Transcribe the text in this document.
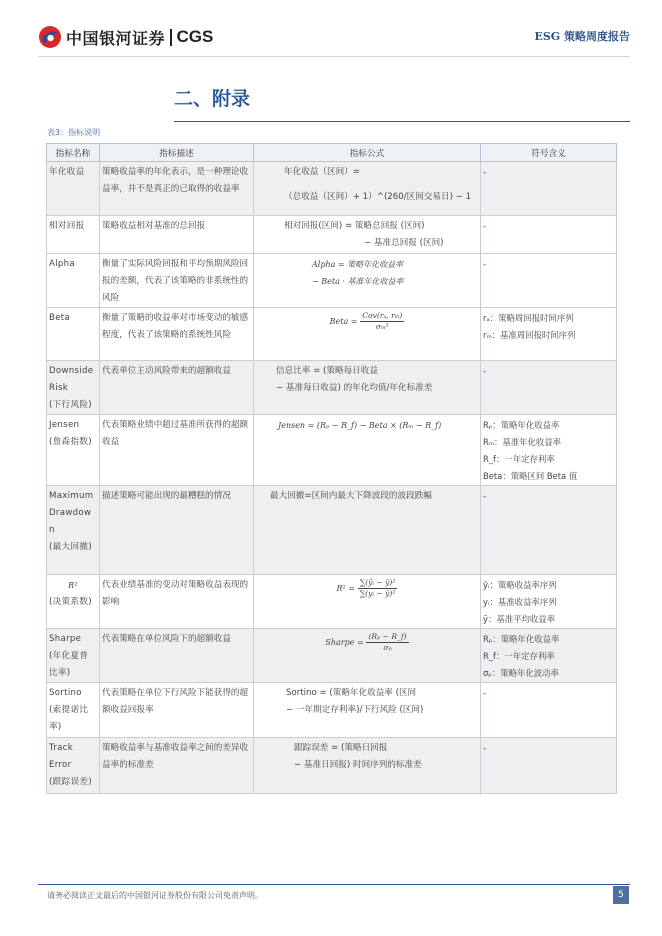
中国银河证券 CGS	ESG 策略周度报告
二、附录
表3：指标说明
指标名称	指标描述	指标公式	符号含义

年化收益	策略收益率的年化表示，是一种理论收益率，并不是真正的已取得的收益率	年化收益（区间）=
（总收益（区间）+ 1）^(260/区间交易日) − 1	-

相对回报	策略收益相对基准的总回报	相对回报(区间) = 策略总回报 (区间)
− 基准总回报 (区间)	-

Alpha	衡量了实际风险回报和平均预期风险回报的差额，代表了该策略的非系统性的风险	Alpha = 策略年化收益率
− Beta · 基准年化收益率	-

Beta	衡量了策略的收益率对市场变动的敏感程度，代表了该策略的系统性风险	Beta = $\frac{\text{Cov(rₐ, rₘ)}}{\text{σₘ²}}$	rₐ：策略周回报时间序列
rₘ：基准周回报时间序列

Downside
Risk
(下行风险)	代表单位主动风险带来的超额收益	信息比率 = (策略每日收益
− 基准每日收益) 的年化均值/年化标准差	-

Jensen
(詹森指数)	代表策略业绩中超过基准所获得的超额收益	Jensen = (Rₚ − R_f) − Beta × (Rₘ − R_f)	Rₚ：策略年化收益率
Rₘ：基准年化收益率
R_f：一年定存利率
Beta：策略区间 Beta 值

Maximum
Drawdow
n
(最大回撤)	描述策略可能出现的最糟糕的情况	最大回撤=区间内最大下降波段的波段跌幅	-

R²
(决策系数)	代表业绩基准的变动对策略收益表现的影响	$R^2 = \frac{\text{∑(ŷᵢ − ȳ)²}}{\text{∑(yᵢ − ȳ)²}}$	ŷᵢ：策略收益率序列
yᵢ：基准收益率序列
ȳ：基准平均收益率

Sharpe
(年化夏普
比率)	代表策略在单位风险下的超额收益	Sharpe = $\frac{\text{(Rₚ − R\_f)}}{\text{σₚ}}$	Rₚ：策略年化收益率
R_f：一年定存利率
σₚ：策略年化波动率

Sortino
(索提诺比
率)	代表策略在单位下行风险下能获得的超额收益回报率	Sortino = (策略年化收益率 (区间
− 一年期定存利率)/下行风险 (区间)	-

Track
Error
(跟踪误差)	策略收益率与基准收益率之间的差异收益率的标准差	跟踪误差 = (策略日回报
− 基准日回报) 时间序列的标准差	-
请务必阅读正文最后的中国银河证券股份有限公司免责声明。	5
